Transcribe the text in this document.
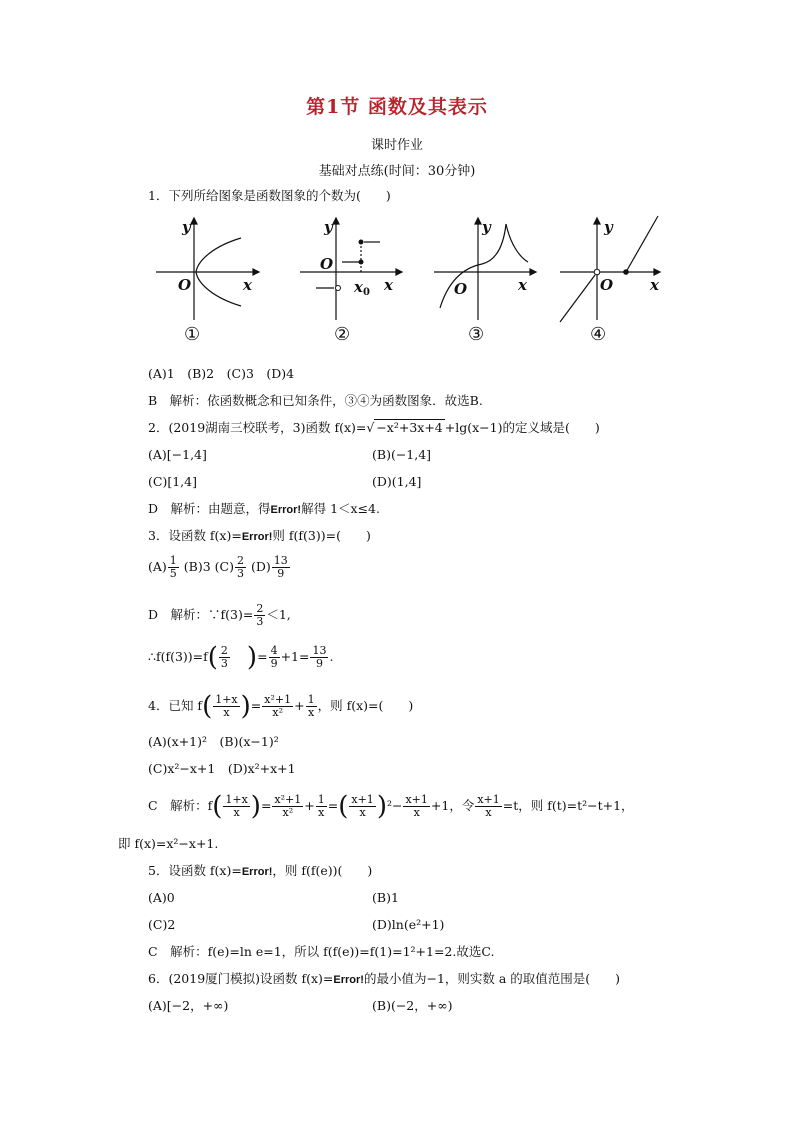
第1节 函数及其表示
课时作业
基础对点练(时间：30分钟)
1．下列所给图象是函数图象的个数为(　　)
y
O	x
y
O
$x_0$ x
y
O	x
y
O x
①	②	③	④
(A)1　(B)2　(C)3　(D)4
B　解析：依函数概念和已知条件，③④为函数图象．故选B.
2．(2019湖南三校联考，3)函数 f(x)=√ −x²+3x+4 +lg(x−1)的定义域是(　　)
(A)[−1,4]	(B)(−1,4]
(C)[1,4]	(D)(1,4]
D　解析：由题意，得Error!解得 1＜x≤4.
3．设函数 f(x)=Error!则 f(f(3))=(　　)
$(A) \frac{1}{5} (B)3$ $(C) \frac{2}{3} (D) \frac{13}{9}$
D　解析：∵f(3)= $\frac{2}{3} <1$,
∴f(f(3))=f( $\frac{2}{3}$ )= $\frac{4}{9} +1= \frac{13}{9}$ .
4．已知 $f( \frac{1+x}{x}$ )= $\frac{\text{x²+1}}{\text{x²}} + \frac{1}{x}$ ，则 f(x)=(　　)
(A)(x+1)²　(B)(x−1)²
(C)x²−x+1　(D)x²+x+1
C　解析：$f( \frac{1+x}{x}$ )= $\frac{\text{x²+1}}{\text{x²}} + \frac{1}{x}$ =( $\frac{x+1}{x} )^2- \frac{x+1}{x} +1$，令 $\frac{x+1}{x} =t$，则 f(t)=t²−t+1，
即 f(x)=x²−x+1.
5．设函数 f(x)=Error!，则 f(f(e))(　　)
(A)0	(B)1
(C)2	(D)ln(e²+1)
C　解析：f(e)=ln e=1，所以 f(f(e))=f(1)=1²+1=2.故选C.
6．(2019厦门模拟)设函数 f(x)=Error!的最小值为−1，则实数 a 的取值范围是(　　)
(A)[−2，+∞)	(B)(−2，+∞)
